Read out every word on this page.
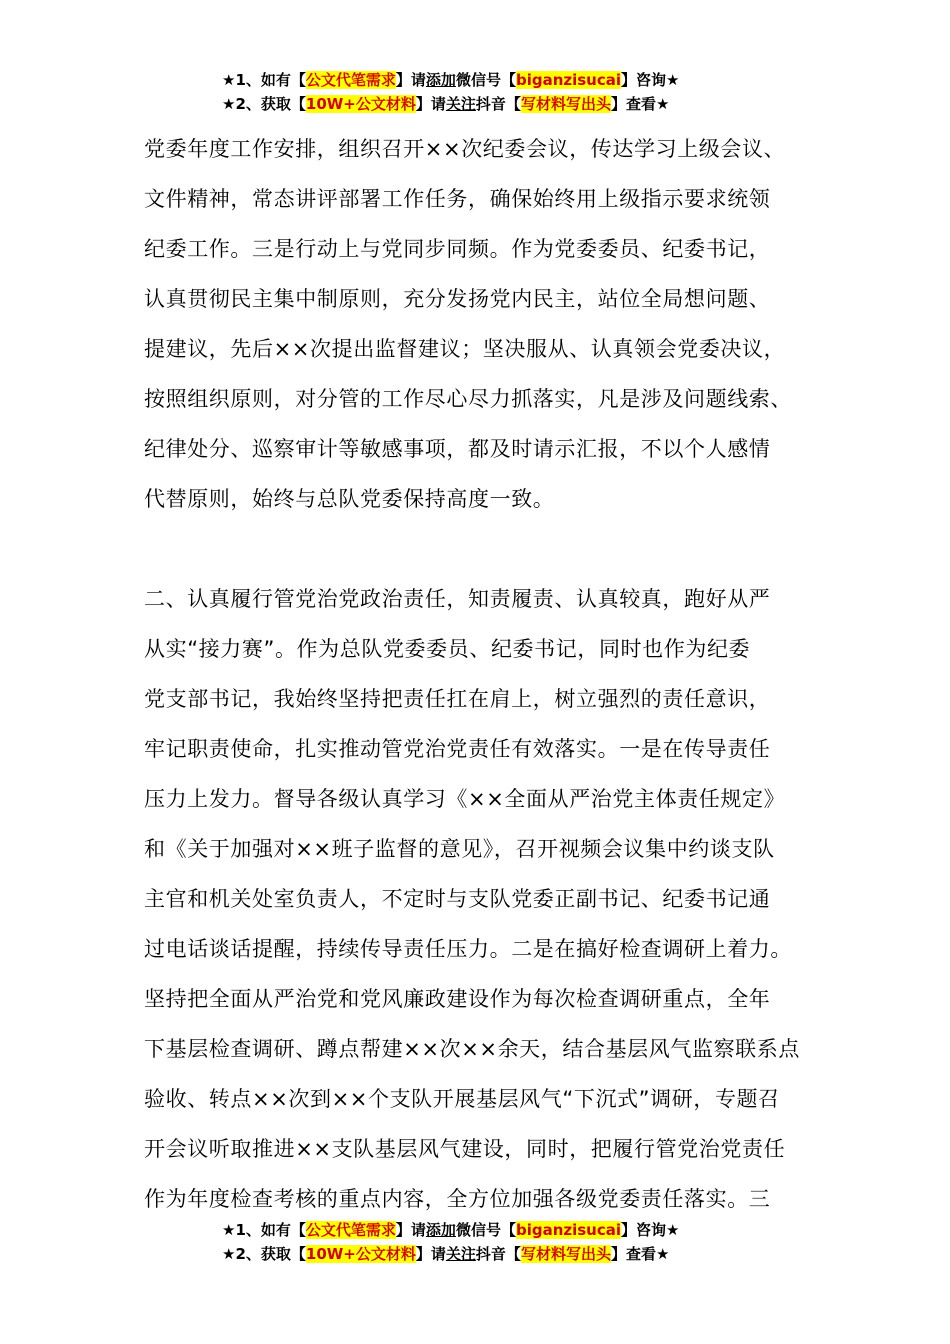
★1、如有【公文代笔需求】请添加微信号【biganzisucai】咨询★
★2、获取【10W+公文材料】请关注抖音【写材料写出头】查看★
党委年度工作安排，组织召开××次纪委会议，传达学习上级会议、
文件精神，常态讲评部署工作任务，确保始终用上级指示要求统领
纪委工作。三是行动上与党同步同频。作为党委委员、纪委书记，
认真贯彻民主集中制原则，充分发扬党内民主，站位全局想问题、
提建议，先后××次提出监督建议；坚决服从、认真领会党委决议，
按照组织原则，对分管的工作尽心尽力抓落实，凡是涉及问题线索、
纪律处分、巡察审计等敏感事项，都及时请示汇报，不以个人感情
代替原则，始终与总队党委保持高度一致。
二、认真履行管党治党政治责任，知责履责、认真较真，跑好从严
从实“接力赛”。作为总队党委委员、纪委书记，同时也作为纪委
党支部书记，我始终坚持把责任扛在肩上，树立强烈的责任意识，
牢记职责使命，扎实推动管党治党责任有效落实。一是在传导责任
压力上发力。督导各级认真学习《××全面从严治党主体责任规定》
和《关于加强对××班子监督的意见》，召开视频会议集中约谈支队
主官和机关处室负责人，不定时与支队党委正副书记、纪委书记通
过电话谈话提醒，持续传导责任压力。二是在搞好检查调研上着力。
坚持把全面从严治党和党风廉政建设作为每次检查调研重点，全年
下基层检查调研、蹲点帮建××次××余天，结合基层风气监察联系点
验收、转点××次到××个支队开展基层风气“下沉式”调研，专题召
开会议听取推进××支队基层风气建设，同时，把履行管党治党责任
作为年度检查考核的重点内容，全方位加强各级党委责任落实。三
★1、如有【公文代笔需求】请添加微信号【biganzisucai】咨询★
★2、获取【10W+公文材料】请关注抖音【写材料写出头】查看★
